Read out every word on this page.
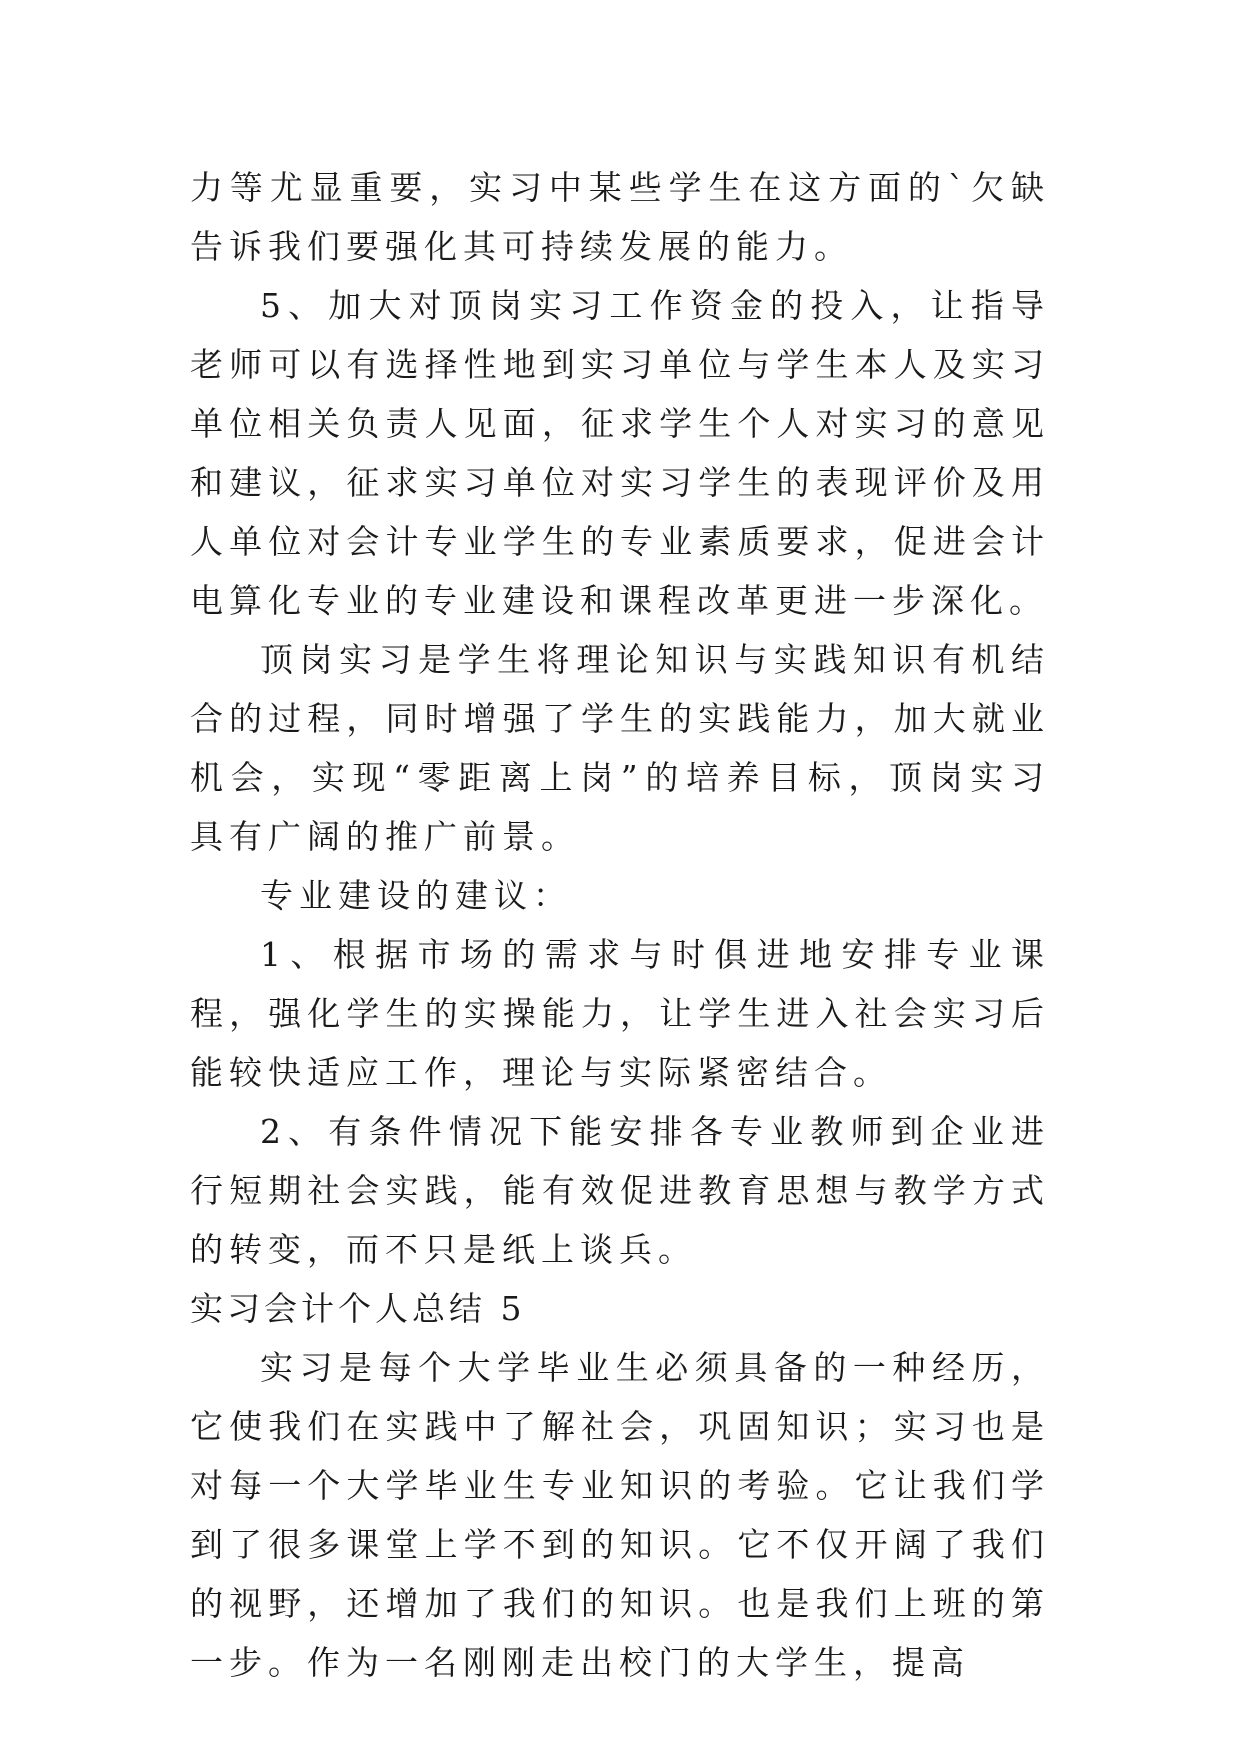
力等尤显重要，实习中某些学生在这方面的`欠缺告诉我们要强化其可持续发展的能力。

5、加大对顶岗实习工作资金的投入，让指导老师可以有选择性地到实习单位与学生本人及实习单位相关负责人见面，征求学生个人对实习的意见和建议，征求实习单位对实习学生的表现评价及用人单位对会计专业学生的专业素质要求，促进会计电算化专业的专业建设和课程改革更进一步深化。

顶岗实习是学生将理论知识与实践知识有机结合的过程，同时增强了学生的实践能力，加大就业机会，实现“零距离上岗”的培养目标，顶岗实习具有广阔的推广前景。

专业建设的建议：

1、根据市场的需求与时俱进地安排专业课程，强化学生的实操能力，让学生进入社会实习后能较快适应工作，理论与实际紧密结合。

2、有条件情况下能安排各专业教师到企业进行短期社会实践，能有效促进教育思想与教学方式的转变，而不只是纸上谈兵。

实习会计个人总结 5

实习是每个大学毕业生必须具备的一种经历，它使我们在实践中了解社会，巩固知识；实习也是对每一个大学毕业生专业知识的考验。它让我们学到了很多课堂上学不到的知识。它不仅开阔了我们的视野，还增加了我们的知识。也是我们上班的第一步。作为一名刚刚走出校门的大学生，提高
